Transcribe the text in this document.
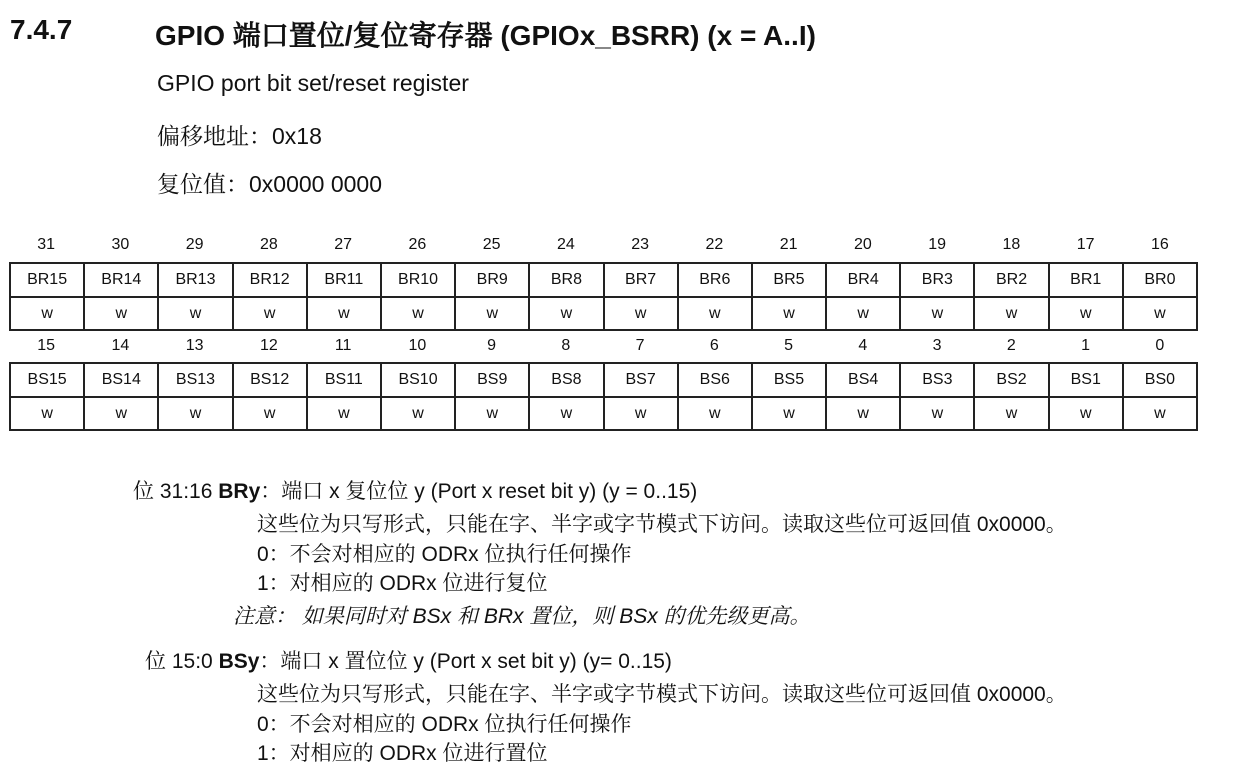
7.4.7	GPIO 端口置位/复位寄存器 (GPIOx_BSRR) (x = A..I)
GPIO port bit set/reset register
偏移地址：0x18
复位值：0x0000 0000
31	30	29	28	27	26	25	24	23	22	21	20	19	18	17	16
BR15	BR14	BR13	BR12	BR11	BR10	BR9	BR8	BR7	BR6	BR5	BR4	BR3	BR2	BR1	BR0
w	w	w	w	w	w	w	w	w	w	w	w	w	w	w	w
15	14	13	12	11	10	9	8	7	6	5	4	3	2	1	0
BS15	BS14	BS13	BS12	BS11	BS10	BS9	BS8	BS7	BS6	BS5	BS4	BS3	BS2	BS1	BS0
w	w	w	w	w	w	w	w	w	w	w	w	w	w	w	w
位 31:16 BRy：端口 x 复位位 y (Port x reset bit y) (y = 0..15)
这些位为只写形式，只能在字、半字或字节模式下访问。读取这些位可返回值 0x0000。
0：不会对相应的 ODRx 位执行任何操作
1：对相应的 ODRx 位进行复位
注意： 如果同时对 BSx 和 BRx 置位，则 BSx 的优先级更高。
位 15:0 BSy：端口 x 置位位 y (Port x set bit y) (y= 0..15)
这些位为只写形式，只能在字、半字或字节模式下访问。读取这些位可返回值 0x0000。
0：不会对相应的 ODRx 位执行任何操作
1：对相应的 ODRx 位进行置位
